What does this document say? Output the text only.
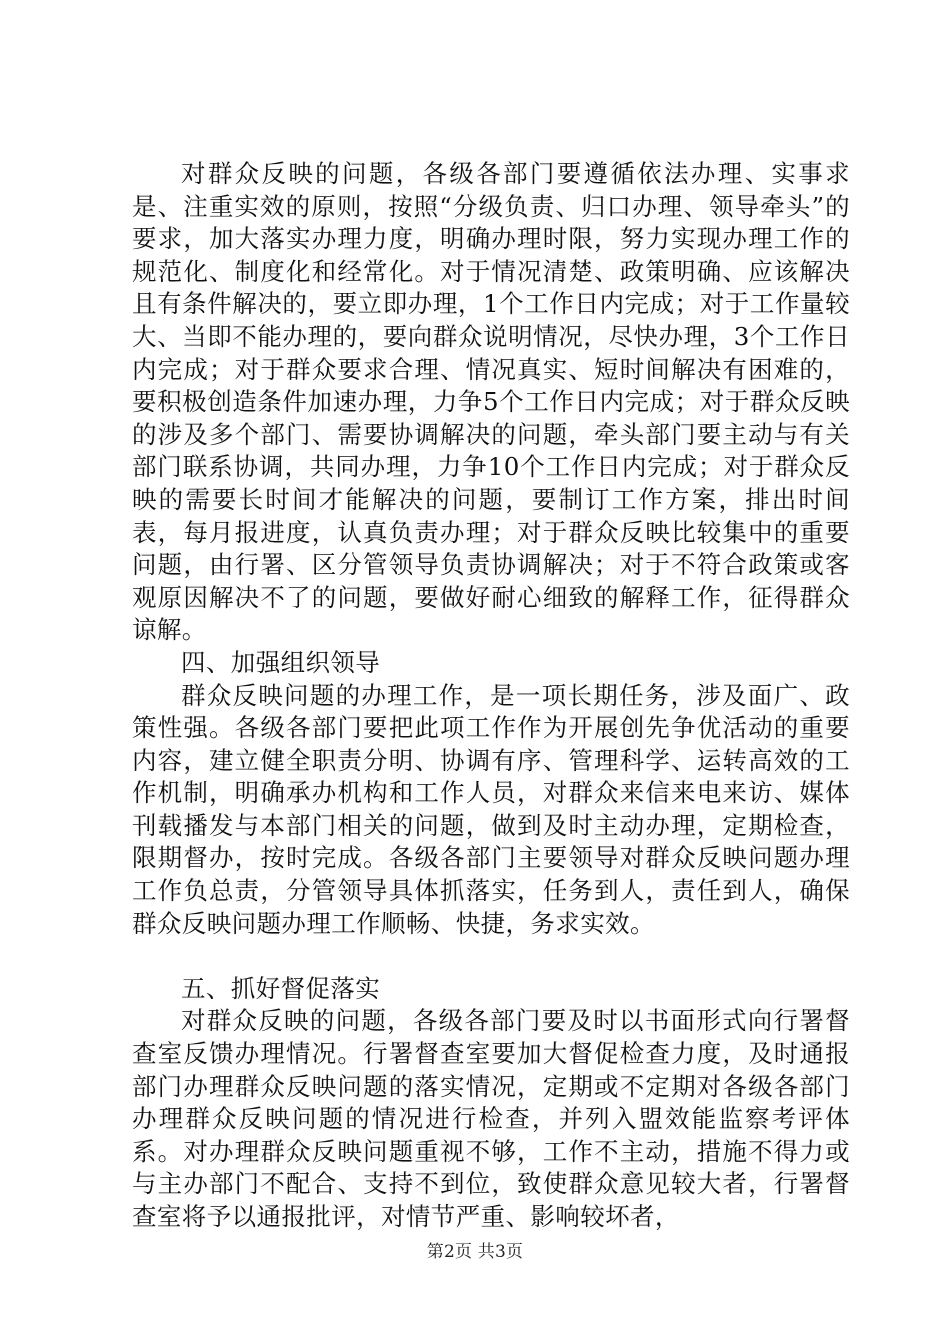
对群众反映的问题，各级各部门要遵循依法办理、实事求是、注重实效的原则，按照“分级负责、归口办理、领导牵头”的要求，加大落实办理力度，明确办理时限，努力实现办理工作的规范化、制度化和经常化。对于情况清楚、政策明确、应该解决且有条件解决的，要立即办理，1个工作日内完成；对于工作量较大、当即不能办理的，要向群众说明情况，尽快办理，3个工作日内完成；对于群众要求合理、情况真实、短时间解决有困难的，要积极创造条件加速办理，力争5个工作日内完成；对于群众反映的涉及多个部门、需要协调解决的问题，牵头部门要主动与有关部门联系协调，共同办理，力争10个工作日内完成；对于群众反映的需要长时间才能解决的问题，要制订工作方案，排出时间表，每月报进度，认真负责办理；对于群众反映比较集中的重要问题，由行署、区分管领导负责协调解决；对于不符合政策或客观原因解决不了的问题，要做好耐心细致的解释工作，征得群众谅解。

四、加强组织领导

群众反映问题的办理工作，是一项长期任务，涉及面广、政策性强。各级各部门要把此项工作作为开展创先争优活动的重要内容，建立健全职责分明、协调有序、管理科学、运转高效的工作机制，明确承办机构和工作人员，对群众来信来电来访、媒体刊载播发与本部门相关的问题，做到及时主动办理，定期检查，限期督办，按时完成。各级各部门主要领导对群众反映问题办理工作负总责，分管领导具体抓落实，任务到人，责任到人，确保群众反映问题办理工作顺畅、快捷，务求实效。

五、抓好督促落实

对群众反映的问题，各级各部门要及时以书面形式向行署督查室反馈办理情况。行署督查室要加大督促检查力度，及时通报部门办理群众反映问题的落实情况，定期或不定期对各级各部门办理群众反映问题的情况进行检查，并列入盟效能监察考评体系。对办理群众反映问题重视不够，工作不主动，措施不得力或与主办部门不配合、支持不到位，致使群众意见较大者，行署督查室将予以通报批评，对情节严重、影响较坏者，

第2页 共3页
